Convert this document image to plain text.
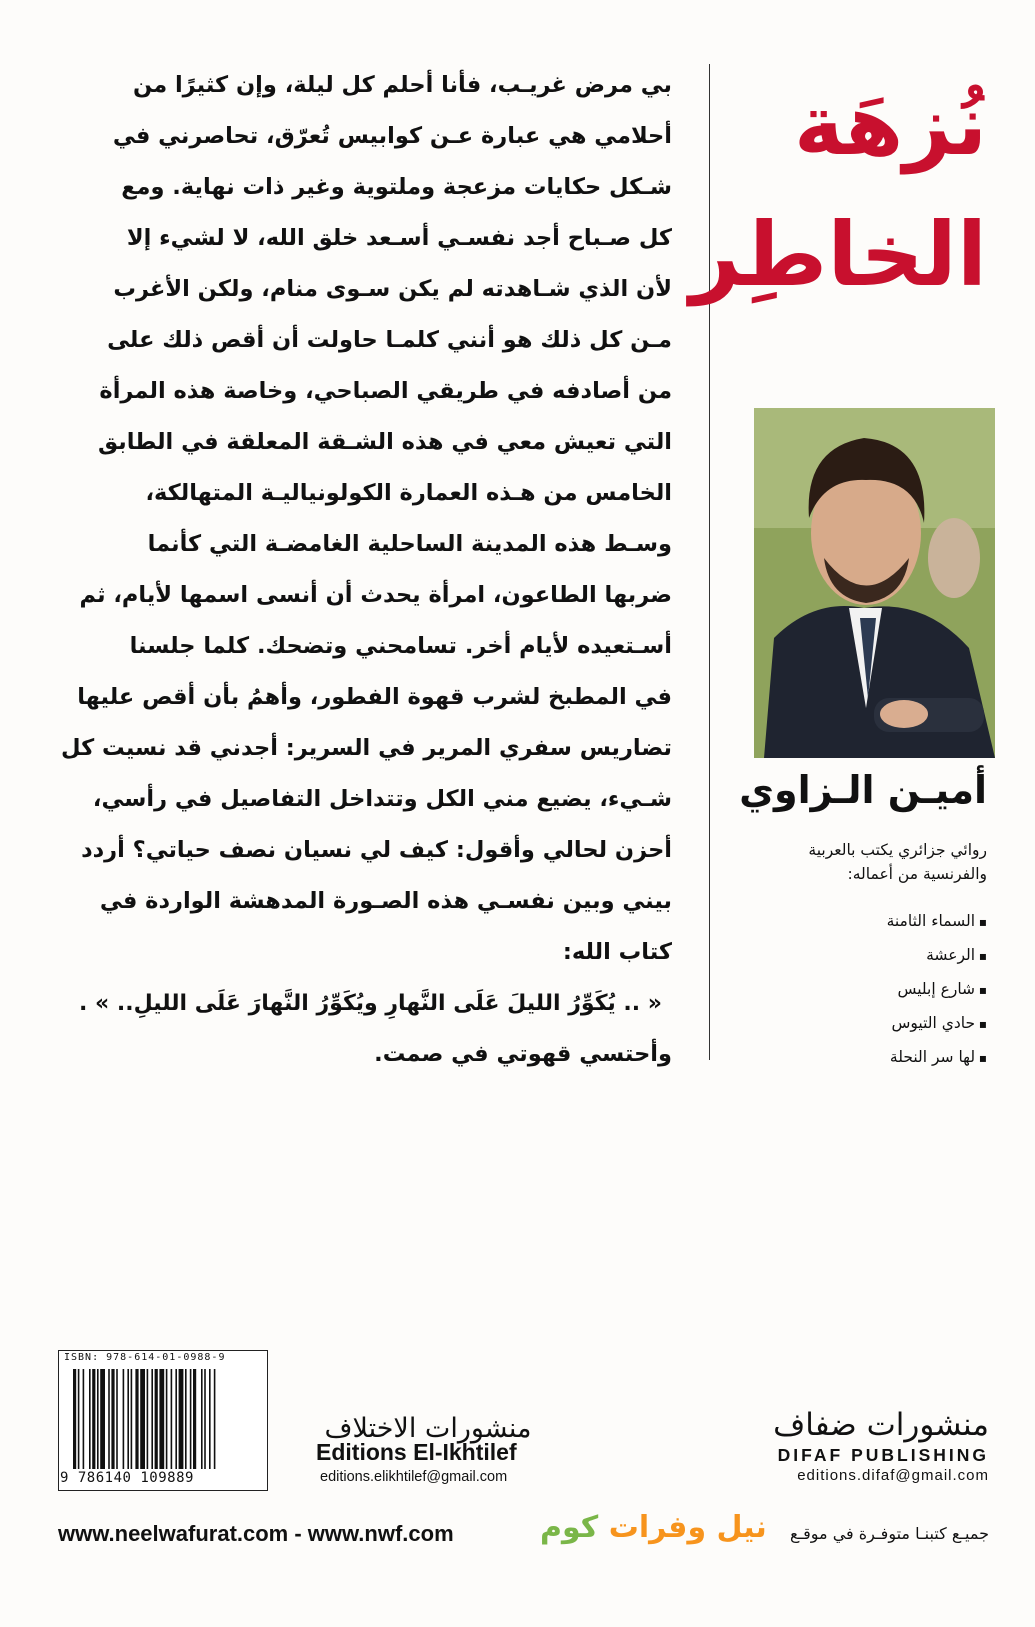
بي مرض غريـب، فأنا أحلم كل ليلة، وإن كثيرًا من
أحلامي هي عبارة عـن كوابيس تُعرّق، تحاصرني في
شـكل حكايات مزعجة وملتوية وغير ذات نهاية. ومع
كل صـباح أجد نفسـي أسـعد خلق الله، لا لشيء إلا
لأن الذي شـاهدته لم يكن سـوى منام، ولكن الأغرب
مـن كل ذلك هو أنني كلمـا حاولت أن أقص ذلك على
من أصادفه في طريقي الصباحي، وخاصة هذه المرأة
التي تعيش معي في هذه الشـقة المعلقة في الطابق
الخامس من هـذه العمارة الكولونياليـة المتهالكة،
وسـط هذه المدينة الساحلية الغامضـة التي كأنما
ضربها الطاعون، امرأة يحدث أن أنسى اسمها لأيام، ثم
أسـتعيده لأيام أخر. تسامحني وتضحك. كلما جلسنا
في المطبخ لشرب قهوة الفطور، وأهمُ بأن أقص عليها
تضاريس سفري المرير في السرير: أجدني قد نسيت كل
شـيء، يضيع مني الكل وتتداخل التفاصيل في رأسي،
أحزن لحالي وأقول: كيف لي نسيان نصف حياتي؟ أردد
بيني وبين نفسـي هذه الصـورة المدهشة الواردة في
كتاب الله:
« .. يُكَوِّرُ الليلَ عَلَى النَّهارِ ويُكَوِّرُ النَّهارَ عَلَى الليلِ.. » .
وأحتسي قهوتي في صمت.
نُزهَة
الخاطِر
أميـن الـزاوي
روائي جزائري يكتب بالعربية
والفرنسية من أعماله:
▪ السماء الثامنة
▪ الرعشة
▪ شارع إبليس
▪ حادي التيوس
▪ لها سر النحلة
ISBN: 978-614-01-0988-9
9 786140 109889
منشورات الاختلاف
Editions El-Ikhtilef
editions.elikhtilef@gmail.com
منشورات ضفاف
DIFAF PUBLISHING
editions.difaf@gmail.com
www.neelwafurat.com - www.nwf.com	نيل وفرات كوم	جميـع كتبنـا متوفـرة في موقـع
